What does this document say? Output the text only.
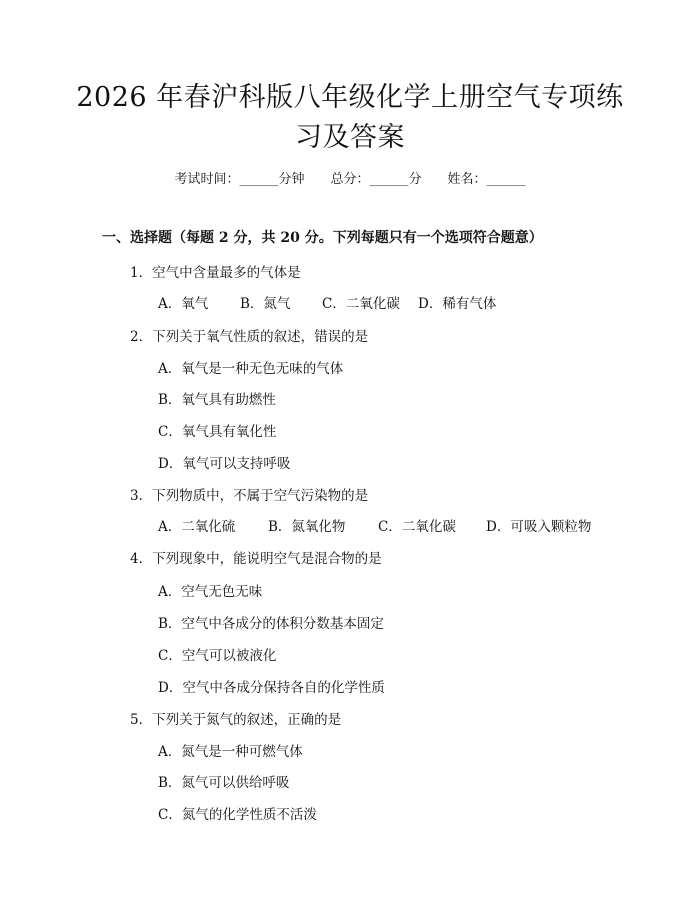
2026 年春沪科版八年级化学上册空气专项练
习及答案
考试时间：______分钟　　总分：______分　　姓名：______
一、选择题（每题 2 分，共 20 分。下列每题只有一个选项符合题意）
1．空气中含量最多的气体是
A．氧气 B．氮气 C．二氧化碳 D．稀有气体
2．下列关于氧气性质的叙述，错误的是
A．氧气是一种无色无味的气体
B．氧气具有助燃性
C．氧气具有氧化性
D．氧气可以支持呼吸
3．下列物质中，不属于空气污染物的是
A．二氧化硫 B．氮氧化物 C．二氧化碳 D．可吸入颗粒物
4．下列现象中，能说明空气是混合物的是
A．空气无色无味
B．空气中各成分的体积分数基本固定
C．空气可以被液化
D．空气中各成分保持各自的化学性质
5．下列关于氮气的叙述，正确的是
A．氮气是一种可燃气体
B．氮气可以供给呼吸
C．氮气的化学性质不活泼
